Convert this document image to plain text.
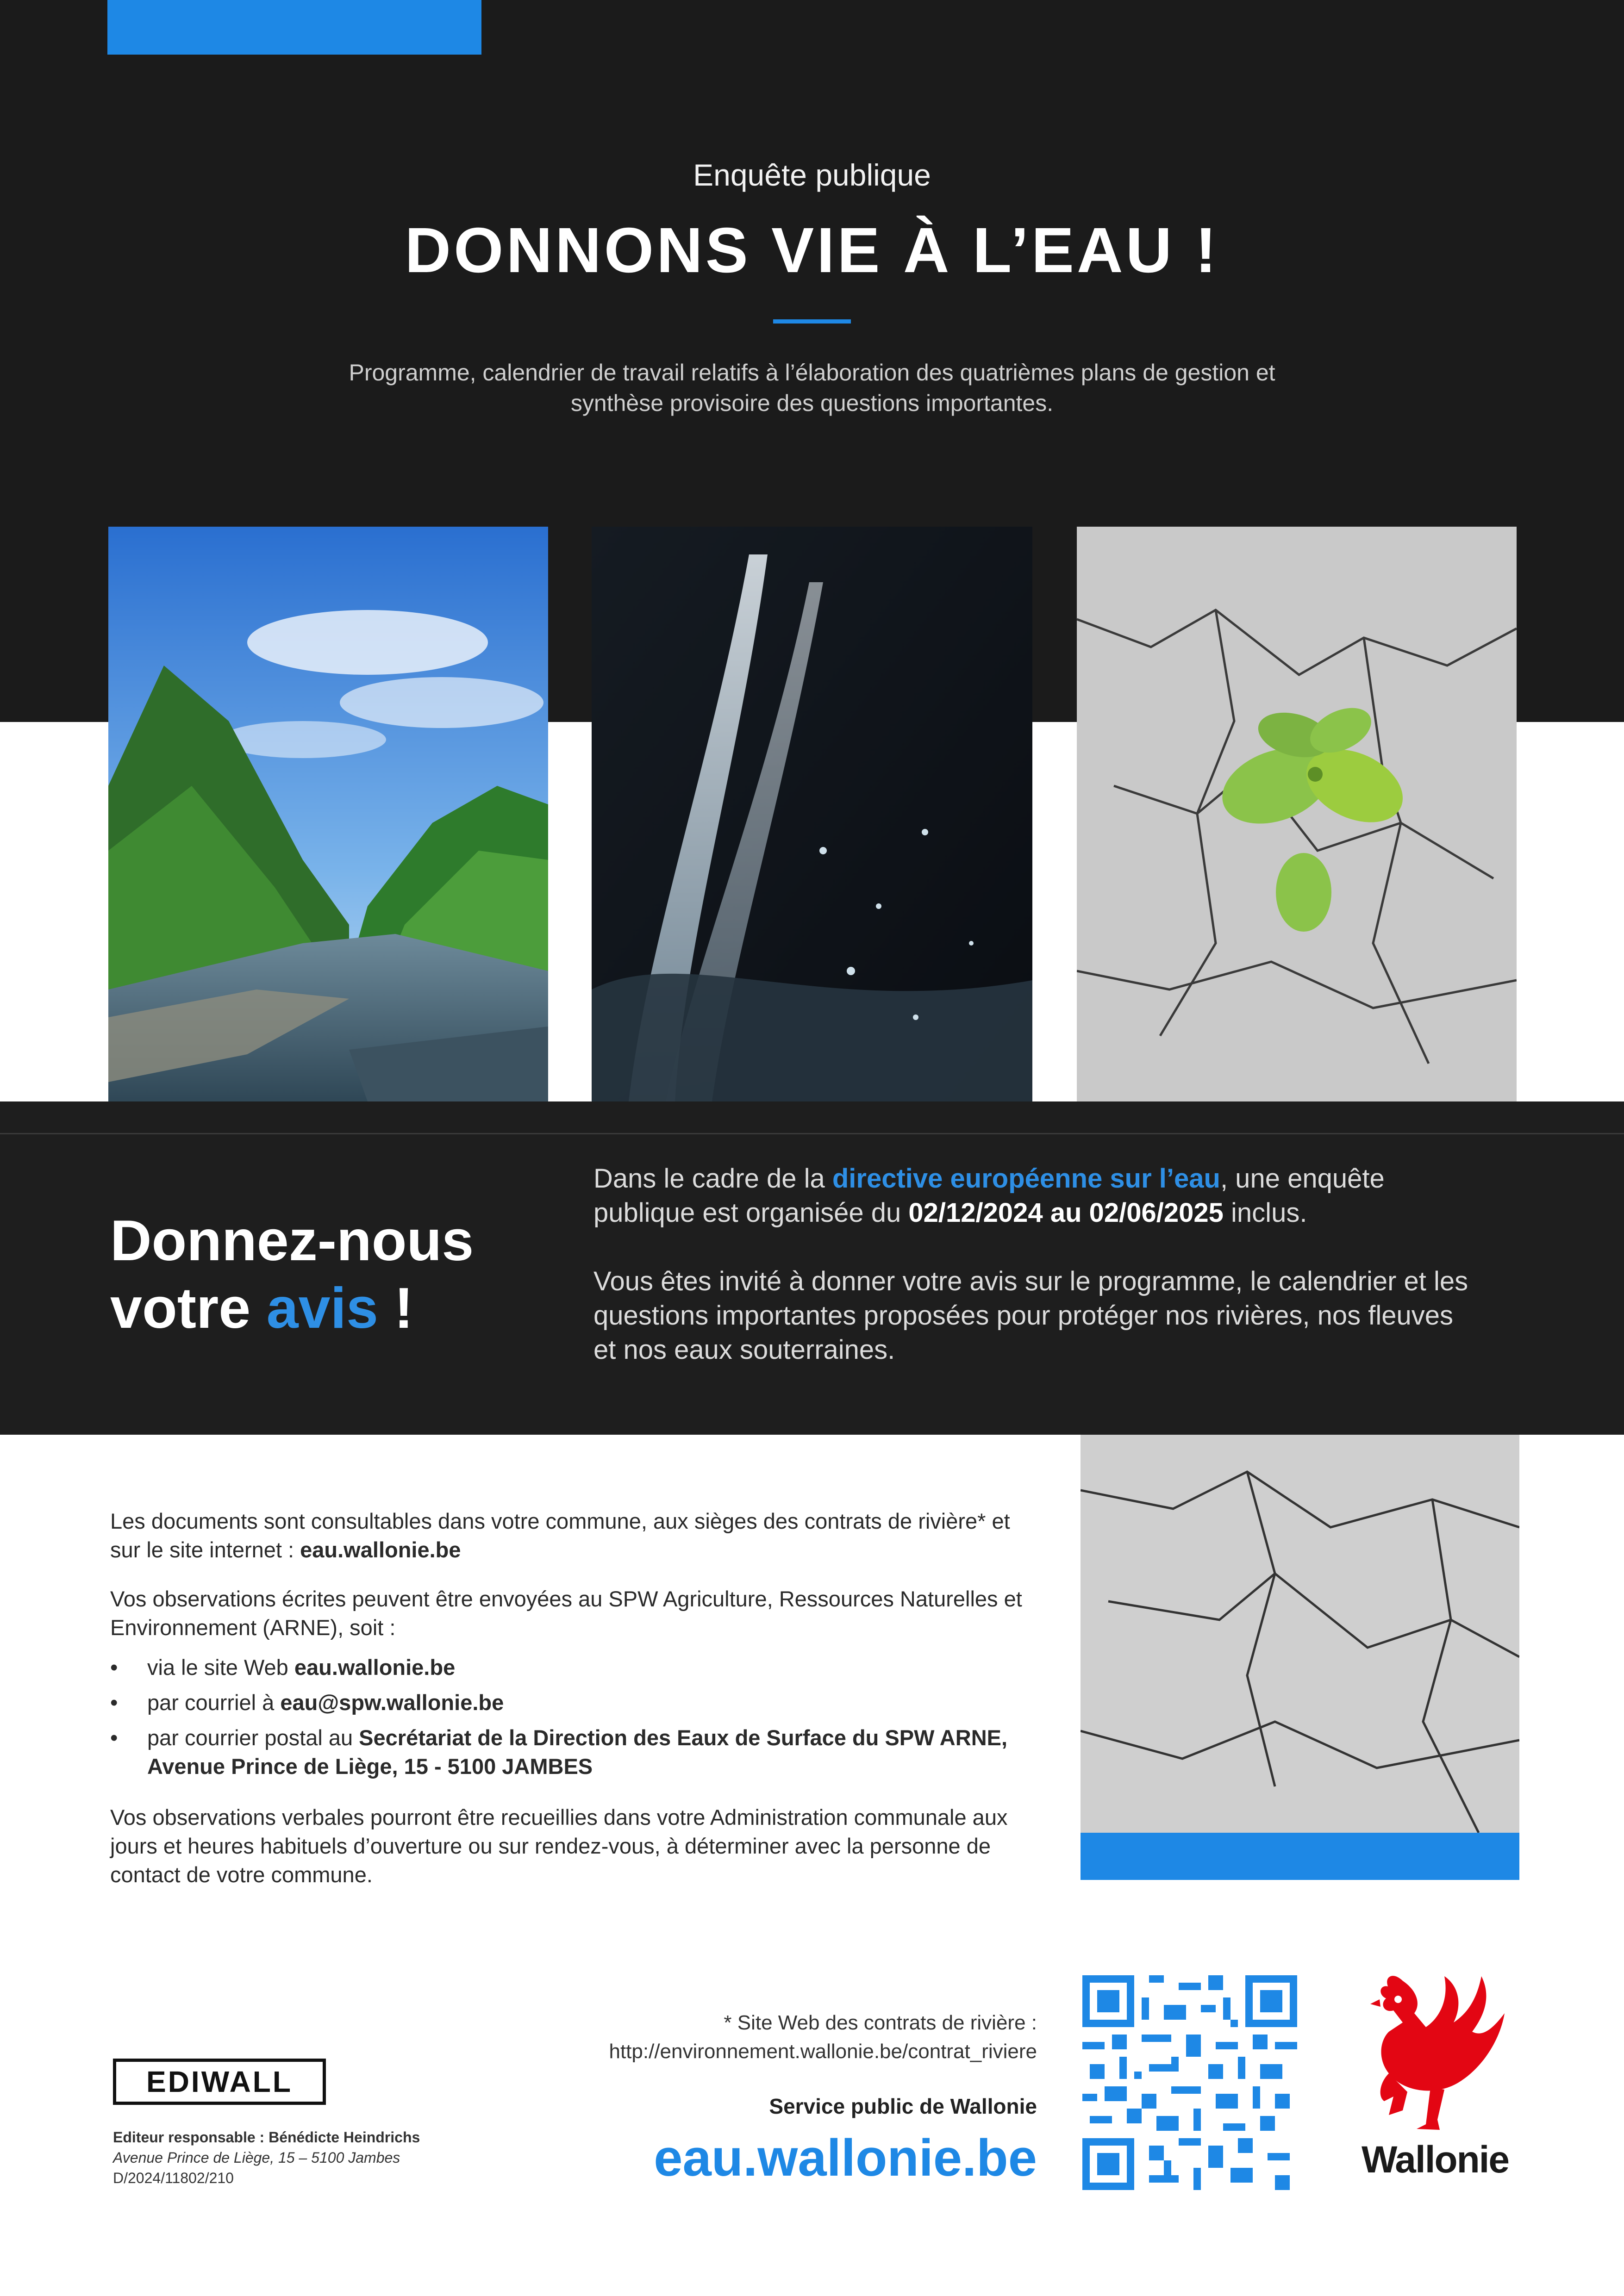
Enquête publique
DONNONS VIE À L’EAU !
Programme, calendrier de travail relatifs à l’élaboration des quatrièmes plans de gestion et
synthèse provisoire des questions importantes.
Donnez-nous
votre avis !

Dans le cadre de la directive européenne sur l’eau, une enquête publique est organisée du 02/12/2024 au 02/06/2025 inclus.

Vous êtes invité à donner votre avis sur le programme, le calendrier et les questions importantes proposées pour protéger nos rivières, nos fleuves et nos eaux souterraines.

Les documents sont consultables dans votre commune, aux sièges des contrats de rivière* et sur le site internet : eau.wallonie.be

Vos observations écrites peuvent être envoyées au SPW Agriculture, Ressources Naturelles et Environnement (ARNE), soit :

• via le site Web eau.wallonie.be
• par courriel à eau@spw.wallonie.be
• par courrier postal au Secrétariat de la Direction des Eaux de Surface du SPW ARNE,
Avenue Prince de Liège, 15 - 5100 JAMBES

Vos observations verbales pourront être recueillies dans votre Administration communale aux jours et heures habituels d’ouverture ou sur rendez-vous, à déterminer avec la personne de contact de votre commune.

* Site Web des contrats de rivière :
http://environnement.wallonie.be/contrat_riviere
Service public de Wallonie
eau.wallonie.be
EDIWALL
Editeur responsable : Bénédicte Heindrichs
Avenue Prince de Liège, 15 – 5100 Jambes
D/2024/11802/210	Wallonie
